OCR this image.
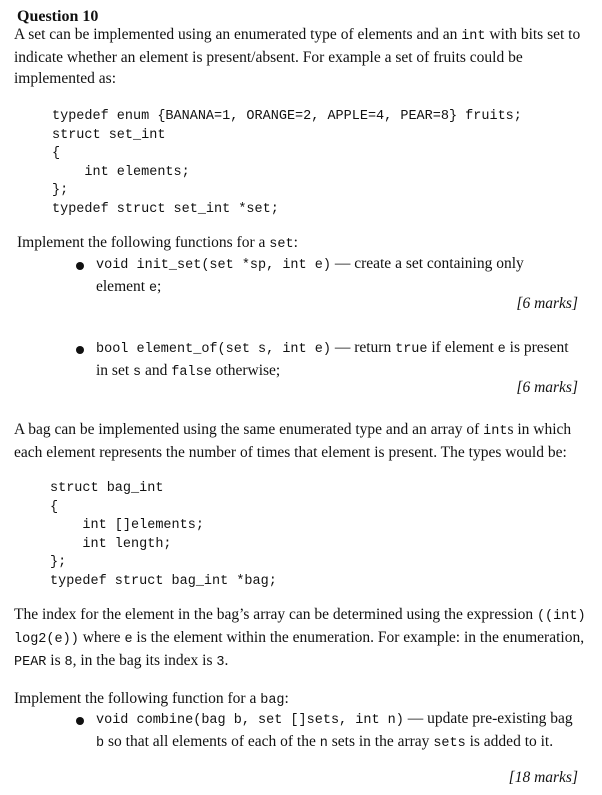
Question 10

A set can be implemented using an enumerated type of elements and an int with bits set to indicate whether an element is present/absent. For example a set of fruits could be implemented as:

typedef enum {BANANA=1, ORANGE=2, APPLE=4, PEAR=8} fruits;
struct set_int
{
int elements;
};
typedef struct set_int *set;

Implement the following functions for a set:

void init_set(set *sp, int e) — create a set containing only element e;

[6 marks]

bool element_of(set s, int e) — return true if element e is present in set s and false otherwise;

[6 marks]

A bag can be implemented using the same enumerated type and an array of ints in which each element represents the number of times that element is present. The types would be:

struct bag_int
{
int []elements;
int length;
};
typedef struct bag_int *bag;

The index for the element in the bag’s array can be determined using the expression ((int) log2(e)) where e is the element within the enumeration. For example: in the enumeration, PEAR is 8, in the bag its index is 3.

Implement the following function for a bag:

void combine(bag b, set []sets, int n) — update pre-existing bag b so that all elements of each of the n sets in the array sets is added to it.

[18 marks]
